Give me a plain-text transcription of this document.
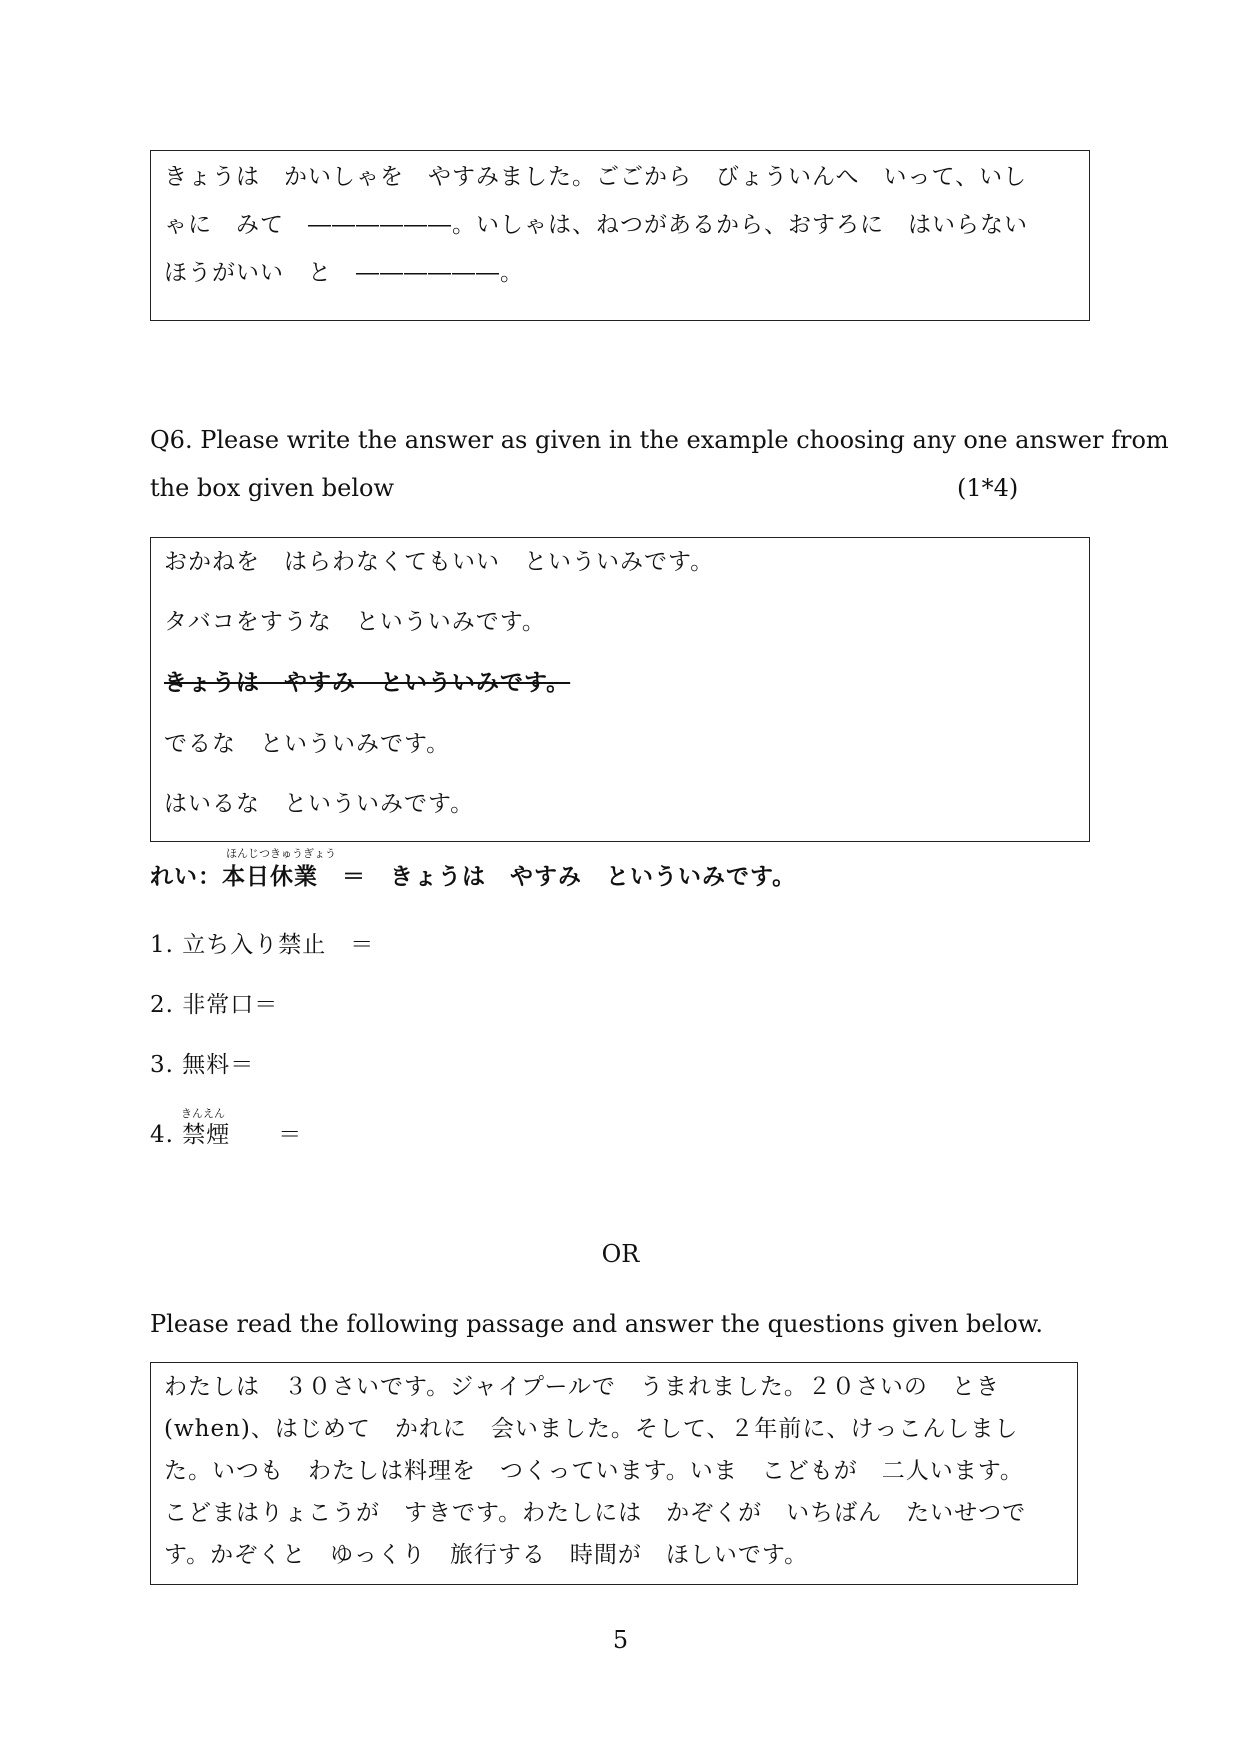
きょうは　かいしゃを　やすみました。ごごから　びょういんへ　いって、いし
ゃに　みて　――――――。いしゃは、ねつがあるから、おすろに　はいらない
ほうがいい　と　――――――。
Q6. Please write the answer as given in the example choosing any one answer from
the box given below	(1*4)
おかねを　はらわなくてもいい　といういみです。
タバコをすうな　といういみです。
きょうは　やすみ　といういみです。
でるな　といういみです。
はいるな　といういみです。
ほんじつきゅうぎょう
れい：本日休業　＝　きょうは　やすみ　といういみです。
1. 立ち入り禁止　＝
2. 非常口＝
3. 無料＝
きんえん
4. 禁煙　　＝
OR
Please read the following passage and answer the questions given below.
わたしは　３０さいです。ジャイプールで　うまれました。２０さいの　とき
(when)、はじめて　かれに　会いました。そして、２年前に、けっこんしまし
た。いつも　わたしは料理を　つくっています。いま　こどもが　二人います。
こどまはりょこうが　すきです。わたしには　かぞくが　いちばん　たいせつで
す。かぞくと　ゆっくり　旅行する　時間が　ほしいです。
5
